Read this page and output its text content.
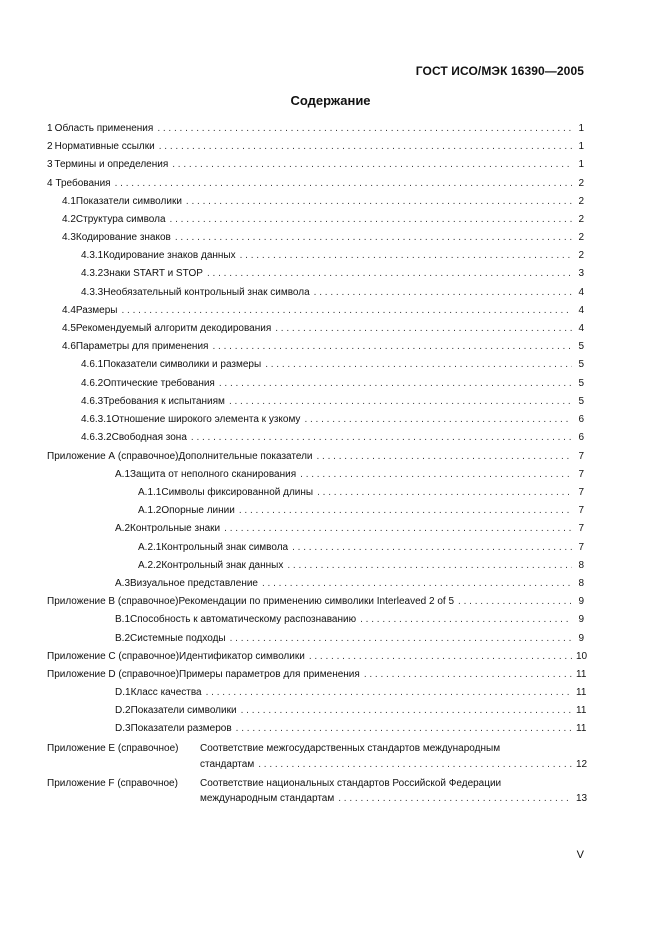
ГОСТ ИСО/МЭК 16390—2005
Содержание
1 Область применения . . .	1
2 Нормативные ссылки . . .	1
3 Термины и определения . . .	1
4 Требования . . .	2
4.1 Показатели символики . . .	2
4.2 Структура символа . . .	2
4.3 Кодирование знаков . . .	2
4.3.1 Кодирование знаков данных . . .	2
4.3.2 Знаки START и STOP . . .	3
4.3.3 Необязательный контрольный знак символа . . .	4
4.4 Размеры . . .	4
4.5 Рекомендуемый алгоритм декодирования . . .	4
4.6 Параметры для применения . . .	5
4.6.1 Показатели символики и размеры . . .	5
4.6.2 Оптические требования . . .	5
4.6.3 Требования к испытаниям . . .	5
4.6.3.1 Отношение широкого элемента к узкому . . .	6
4.6.3.2 Свободная зона . . .	6
Приложение А (справочное) Дополнительные показатели . . .	7
А.1 Защита от неполного сканирования . . .	7
А.1.1 Символы фиксированной длины . . .	7
А.1.2 Опорные линии . . .	7
А.2 Контрольные знаки . . .	7
А.2.1 Контрольный знак символа . . .	7
А.2.2 Контрольный знак данных . . .	8
А.3 Визуальное представление . . .	8
Приложение В (справочное) Рекомендации по применению символики Interleaved 2 of 5 . . .	9
В.1 Способность к автоматическому распознаванию . . .	9
В.2 Системные подходы . . .	9
Приложение С (справочное) Идентификатор символики . . .	10
Приложение D (справочное) Примеры параметров для применения . . .	11
D.1 Класс качества . . .	11
D.2 Показатели символики . . .	11
D.3 Показатели размеров . . .	11
Приложение Е (справочное) Соответствие межгосударственных стандартов международным
стандартам . . .	12
Приложение F (справочное) Соответствие национальных стандартов Российской Федерации
международным стандартам . . .	13
V
